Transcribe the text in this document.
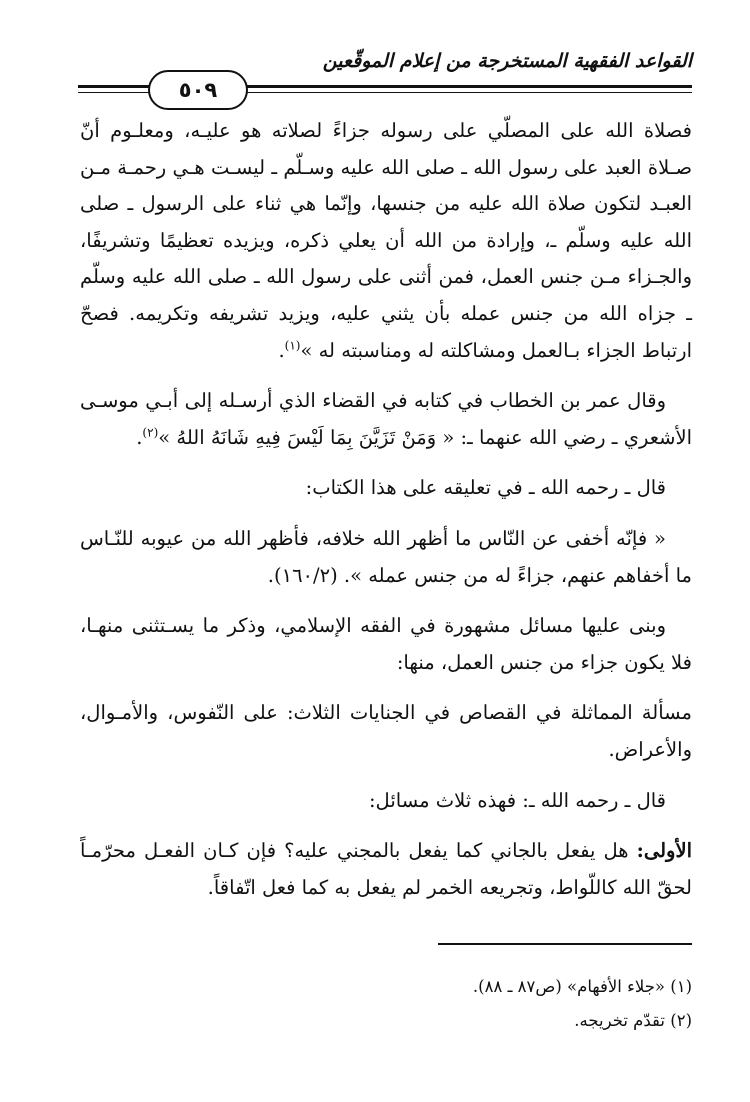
القواعد الفقهية المستخرجة من إعلام الموقّعين
٥٠٩

فصلاة الله على المصلّي على رسوله جزاءً لصلاته هو عليـه، ومعلـوم أنّ صـلاة العبد على رسول الله ـ صلى الله عليه وسـلّم ـ ليسـت هـي رحمـة مـن العبـد لتكون صلاة الله عليه من جنسها، وإنّما هي ثناء على الرسول ـ صلى الله عليه وسلّم ـ، وإرادة من الله أن يعلي ذكره، ويزيده تعظيمًا وتشريفًا، والجـزاء مـن جنس العمل، فمن أثنى على رسول الله ـ صلى الله عليه وسلّم ـ جزاه الله من جنس عمله بأن يثني عليه، ويزيد تشريفه وتكريمه. فصحّ ارتباط الجزاء بـالعمل ومشاكلته له ومناسبته له »$^{(١)}$.

وقال عمر بن الخطاب في كتابه في القضاء الذي أرسـله إلى أبـي موسـى الأشعري ـ رضي الله عنهما ـ: « وَمَنْ تَزَيَّنَ بِمَا لَيْسَ فِيهِ شَانَهُ اللهُ »$^{(٢)}$.

قال ـ رحمه الله ـ في تعليقه على هذا الكتاب:

« فإنّه أخفى عن النّاس ما أظهر الله خلافه، فأظهر الله من عيوبه للنّـاس ما أخفاهم عنهم، جزاءً له من جنس عمله ». (١٦٠/٢).

وبنى عليها مسائل مشهورة في الفقه الإسلامي، وذكر ما يسـتثنى منهـا، فلا يكون جزاء من جنس العمل، منها:

مسألة المماثلة في القصاص في الجنايات الثلاث: على النّفوس، والأمـوال، والأعراض.

قال ـ رحمه الله ـ: فهذه ثلاث مسائل:

الأولى: هل يفعل بالجاني كما يفعل بالمجني عليه؟ فإن كـان الفعـل محرّمـاً لحقّ الله كاللّواط، وتجريعه الخمر لم يفعل به كما فعل اتّفاقاً.

(١) «جلاء الأفهام» (ص٨٧ ـ ٨٨).

(٢) تقدّم تخريجه.
